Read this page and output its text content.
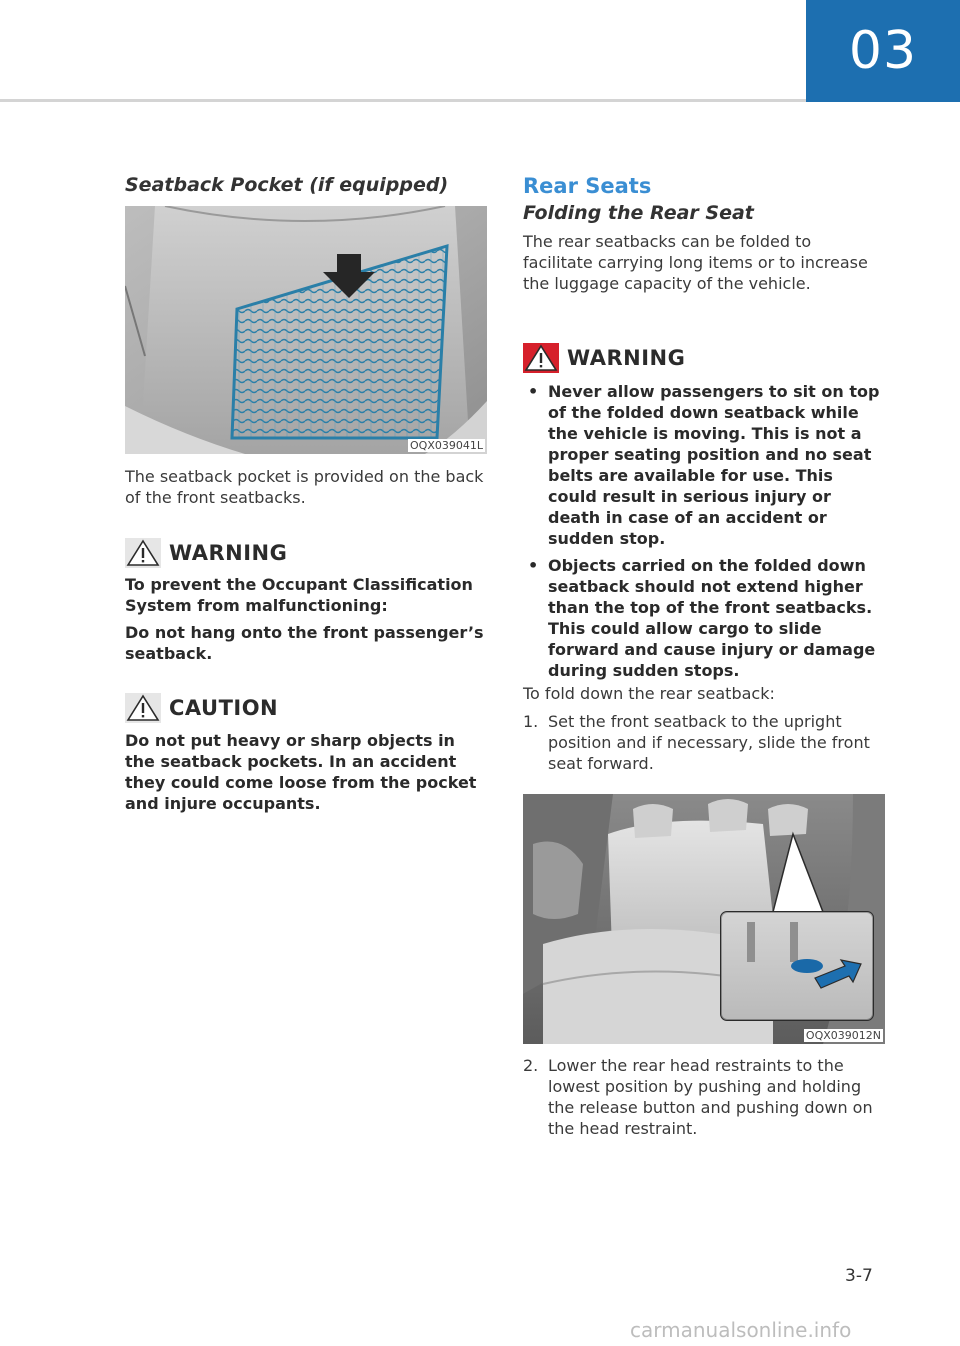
03
Seatback Pocket (if equipped)
OQX039041L

The seatback pocket is provided on the back of the front seatbacks.

WARNING

To prevent the Occupant Classification System from malfunctioning:

Do not hang onto the front passenger’s seatback.

CAUTION

Do not put heavy or sharp objects in the seatback pockets. In an accident they could come loose from the pocket and injure occupants.

Rear Seats
Folding the Rear Seat

The rear seatbacks can be folded to facilitate carrying long items or to increase the luggage capacity of the vehicle.

WARNING
• Never allow passengers to sit on top of the folded down seatback while the vehicle is moving. This is not a proper seating position and no seat belts are available for use. This could result in serious injury or death in case of an accident or sudden stop.
• Objects carried on the folded down seatback should not extend higher than the top of the front seatbacks. This could allow cargo to slide forward and cause injury or damage during sudden stops.

To fold down the rear seatback:

1. Set the front seatback to the upright position and if necessary, slide the front seat forward.
OQX039012N
2. Lower the rear head restraints to the lowest position by pushing and holding the release button and pushing down on the head restraint.
3-7
carmanualsonline.info
